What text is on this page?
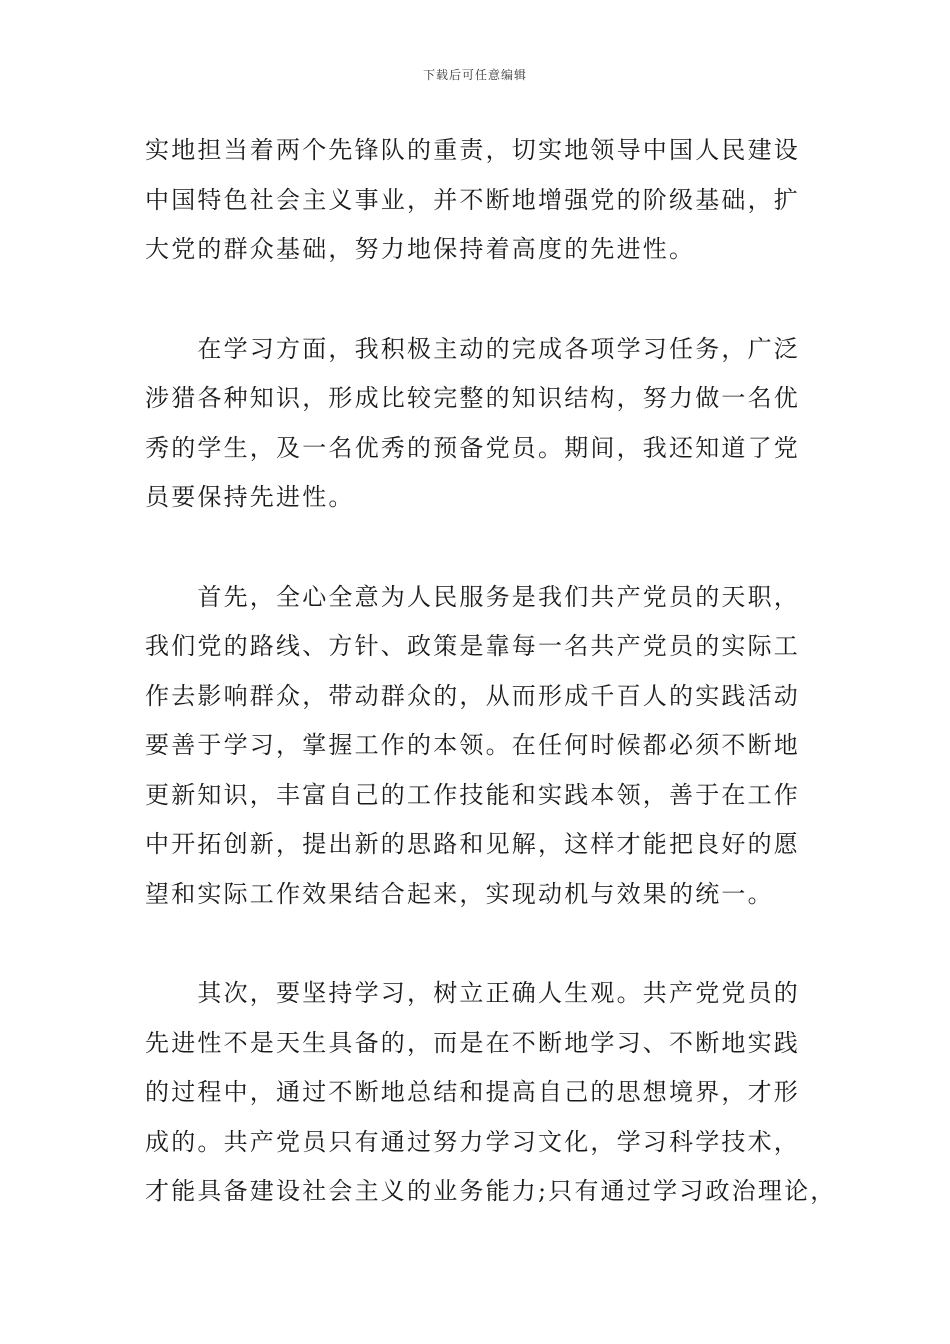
下载后可任意编辑
实地担当着两个先锋队的重责，切实地领导中国人民建设
中国特色社会主义事业，并不断地增强党的阶级基础，扩
大党的群众基础，努力地保持着高度的先进性。
　　在学习方面，我积极主动的完成各项学习任务，广泛
涉猎各种知识，形成比较完整的知识结构，努力做一名优
秀的学生，及一名优秀的预备党员。期间，我还知道了党
员要保持先进性。
　　首先，全心全意为人民服务是我们共产党员的天职，
我们党的路线、方针、政策是靠每一名共产党员的实际工
作去影响群众，带动群众的，从而形成千百人的实践活动
要善于学习，掌握工作的本领。在任何时候都必须不断地
更新知识，丰富自己的工作技能和实践本领，善于在工作
中开拓创新，提出新的思路和见解，这样才能把良好的愿
望和实际工作效果结合起来，实现动机与效果的统一。
　　其次，要坚持学习，树立正确人生观。共产党党员的
先进性不是天生具备的，而是在不断地学习、不断地实践
的过程中，通过不断地总结和提高自己的思想境界，才形
成的。共产党员只有通过努力学习文化，学习科学技术，
才能具备建设社会主义的业务能力;只有通过学习政治理论，
